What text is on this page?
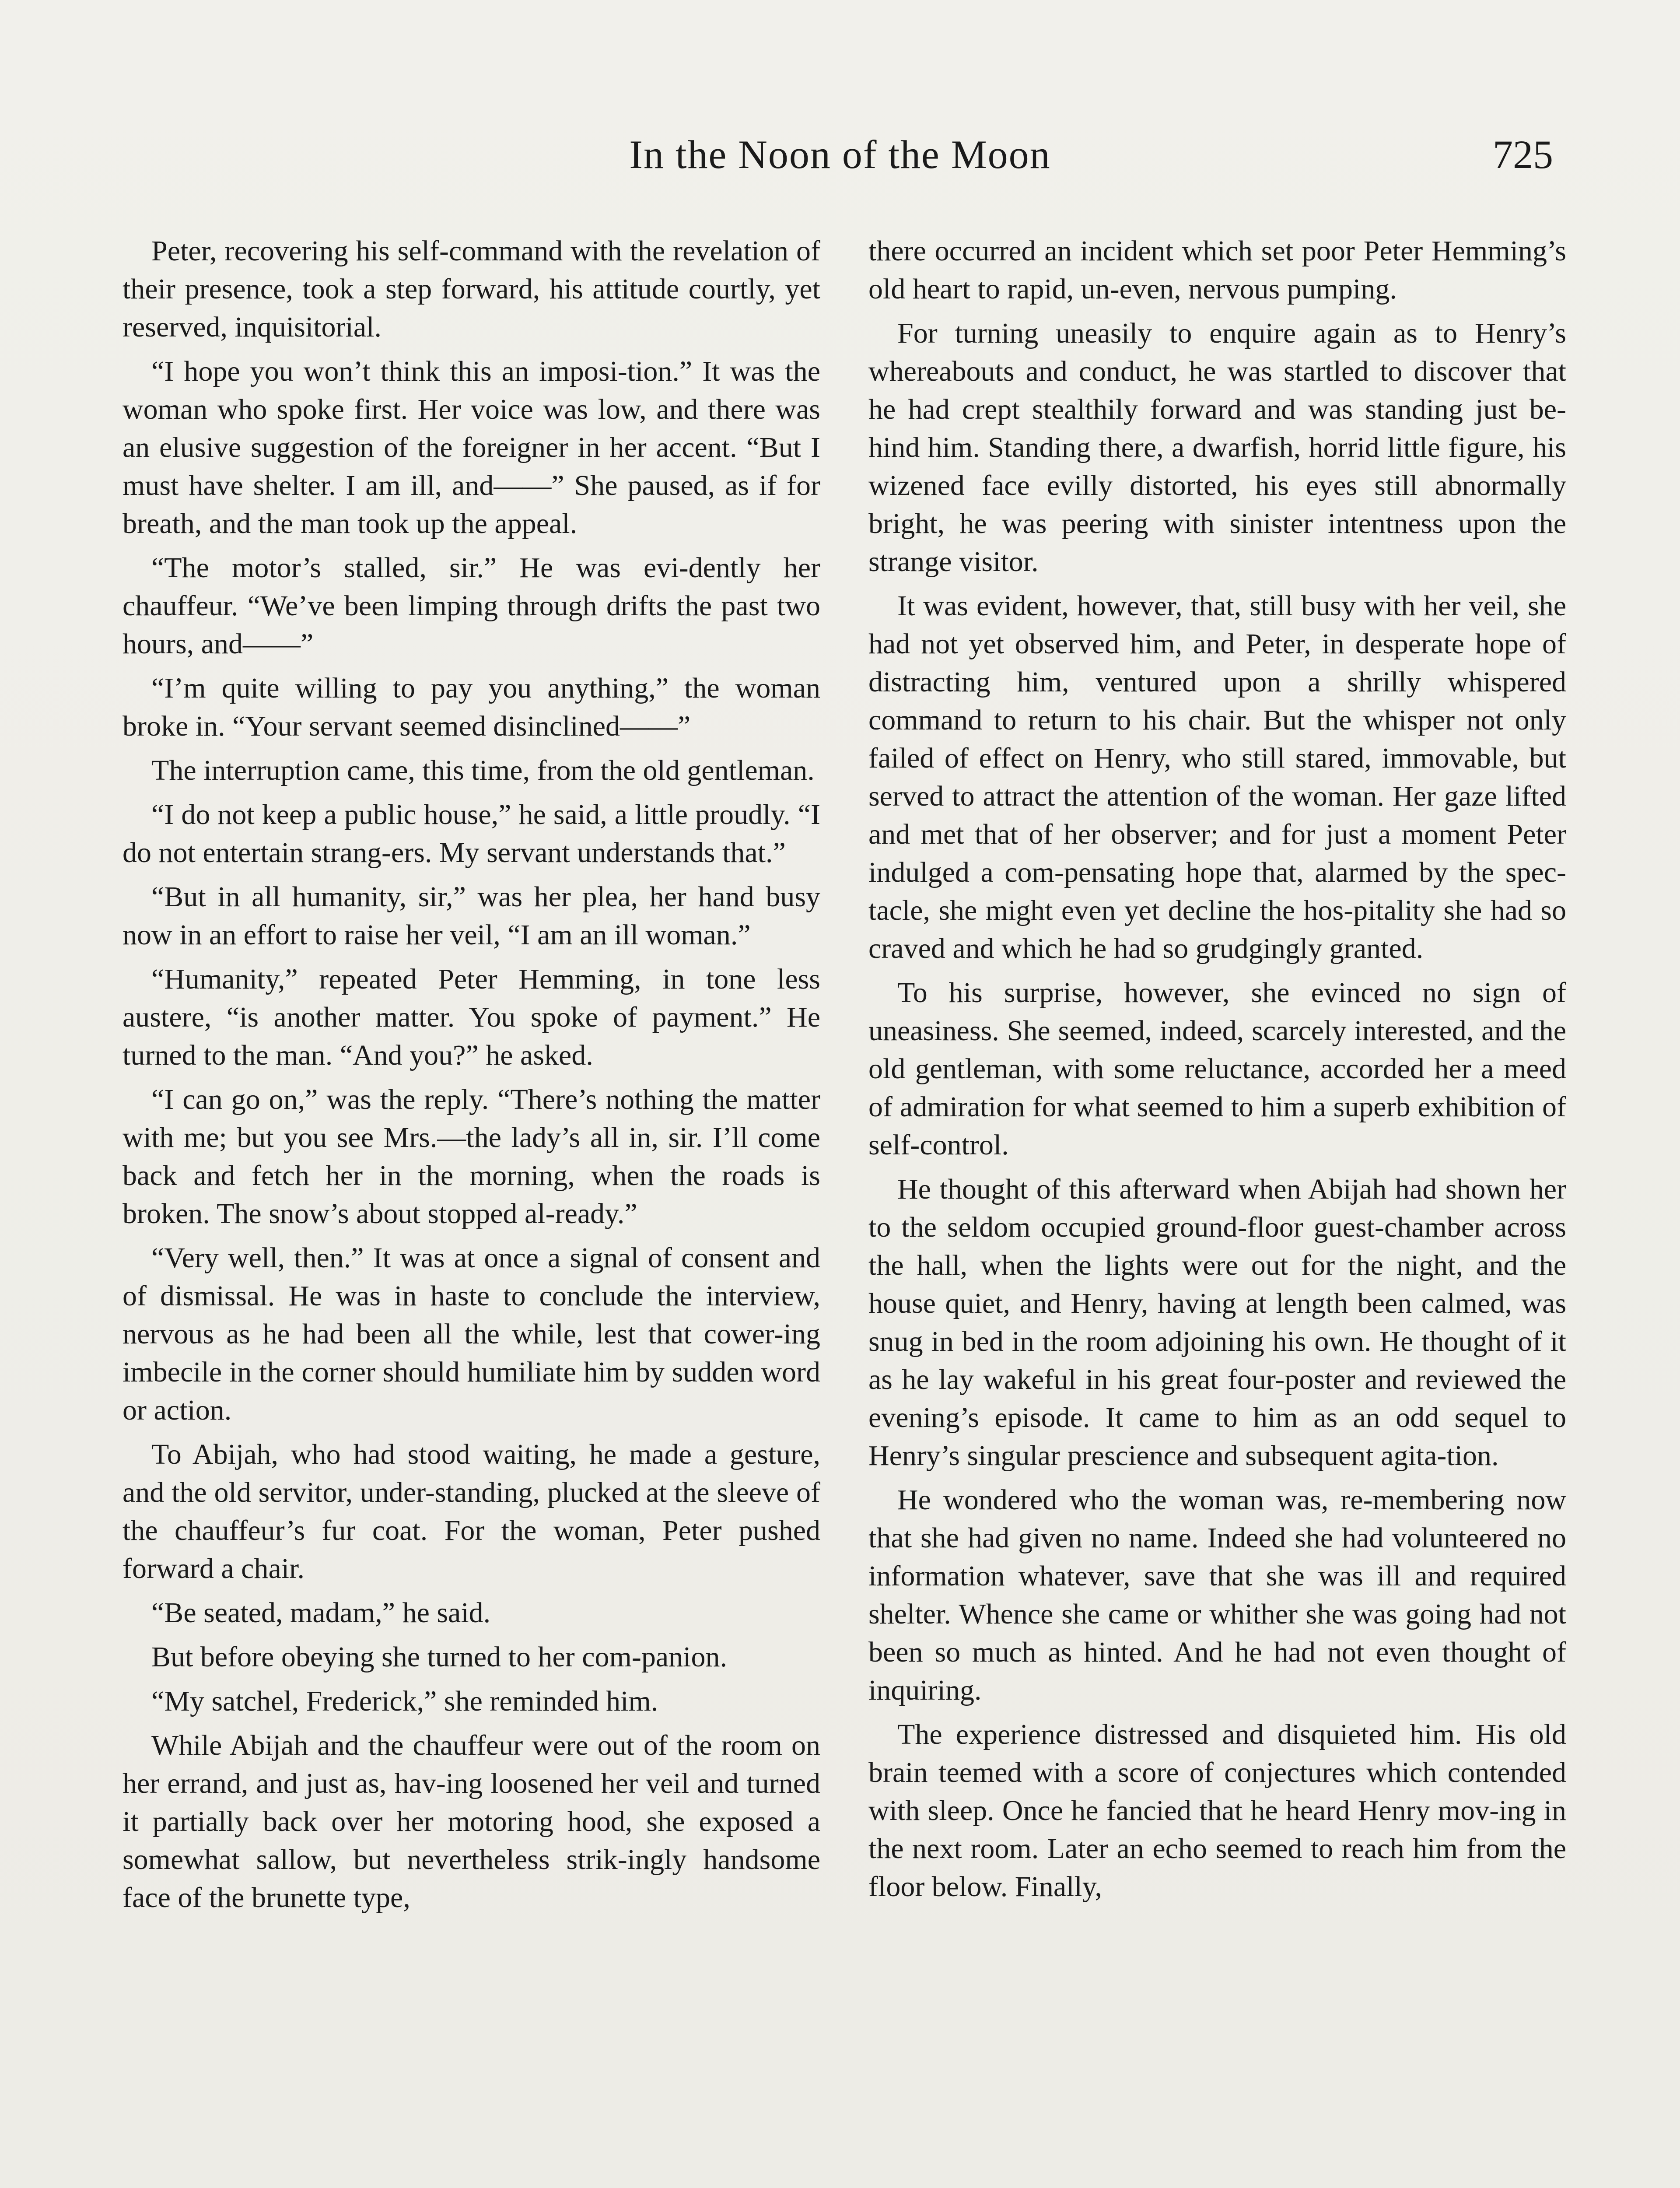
In the Noon of the Moon	725

Peter, recovering his self-command with the revelation of their presence, took a step forward, his attitude courtly, yet reserved, inquisitorial.

“I hope you won’t think this an imposi-tion.” It was the woman who spoke first. Her voice was low, and there was an elusive suggestion of the foreigner in her accent. “But I must have shelter. I am ill, and——” She paused, as if for breath, and the man took up the appeal.

“The motor’s stalled, sir.” He was evi-dently her chauffeur. “We’ve been limping through drifts the past two hours, and——”

“I’m quite willing to pay you anything,” the woman broke in. “Your servant seemed disinclined——”

The interruption came, this time, from the old gentleman.

“I do not keep a public house,” he said, a little proudly. “I do not entertain strang-ers. My servant understands that.”

“But in all humanity, sir,” was her plea, her hand busy now in an effort to raise her veil, “I am an ill woman.”

“Humanity,” repeated Peter Hemming, in tone less austere, “is another matter. You spoke of payment.” He turned to the man. “And you?” he asked.

“I can go on,” was the reply. “There’s nothing the matter with me; but you see Mrs.—the lady’s all in, sir. I’ll come back and fetch her in the morning, when the roads is broken. The snow’s about stopped al-ready.”

“Very well, then.” It was at once a signal of consent and of dismissal. He was in haste to conclude the interview, nervous as he had been all the while, lest that cower-ing imbecile in the corner should humiliate him by sudden word or action.

To Abijah, who had stood waiting, he made a gesture, and the old servitor, under-standing, plucked at the sleeve of the chauffeur’s fur coat. For the woman, Peter pushed forward a chair.

“Be seated, madam,” he said.

But before obeying she turned to her com-panion.

“My satchel, Frederick,” she reminded him.

While Abijah and the chauffeur were out of the room on her errand, and just as, hav-ing loosened her veil and turned it partially back over her motoring hood, she exposed a somewhat sallow, but nevertheless strik-ingly handsome face of the brunette type,

there occurred an incident which set poor Peter Hemming’s old heart to rapid, un-even, nervous pumping.

For turning uneasily to enquire again as to Henry’s whereabouts and conduct, he was startled to discover that he had crept stealthily forward and was standing just be-hind him. Standing there, a dwarfish, horrid little figure, his wizened face evilly distorted, his eyes still abnormally bright, he was peering with sinister intentness upon the strange visitor.

It was evident, however, that, still busy with her veil, she had not yet observed him, and Peter, in desperate hope of distracting him, ventured upon a shrilly whispered command to return to his chair. But the whisper not only failed of effect on Henry, who still stared, immovable, but served to attract the attention of the woman. Her gaze lifted and met that of her observer; and for just a moment Peter indulged a com-pensating hope that, alarmed by the spec-tacle, she might even yet decline the hos-pitality she had so craved and which he had so grudgingly granted.

To his surprise, however, she evinced no sign of uneasiness. She seemed, indeed, scarcely interested, and the old gentleman, with some reluctance, accorded her a meed of admiration for what seemed to him a superb exhibition of self-control.

He thought of this afterward when Abijah had shown her to the seldom occupied ground-floor guest-chamber across the hall, when the lights were out for the night, and the house quiet, and Henry, having at length been calmed, was snug in bed in the room adjoining his own. He thought of it as he lay wakeful in his great four-poster and reviewed the evening’s episode. It came to him as an odd sequel to Henry’s singular prescience and subsequent agita-tion.

He wondered who the woman was, re-membering now that she had given no name. Indeed she had volunteered no information whatever, save that she was ill and required shelter. Whence she came or whither she was going had not been so much as hinted. And he had not even thought of inquiring.

The experience distressed and disquieted him. His old brain teemed with a score of conjectures which contended with sleep. Once he fancied that he heard Henry mov-ing in the next room. Later an echo seemed to reach him from the floor below. Finally,
